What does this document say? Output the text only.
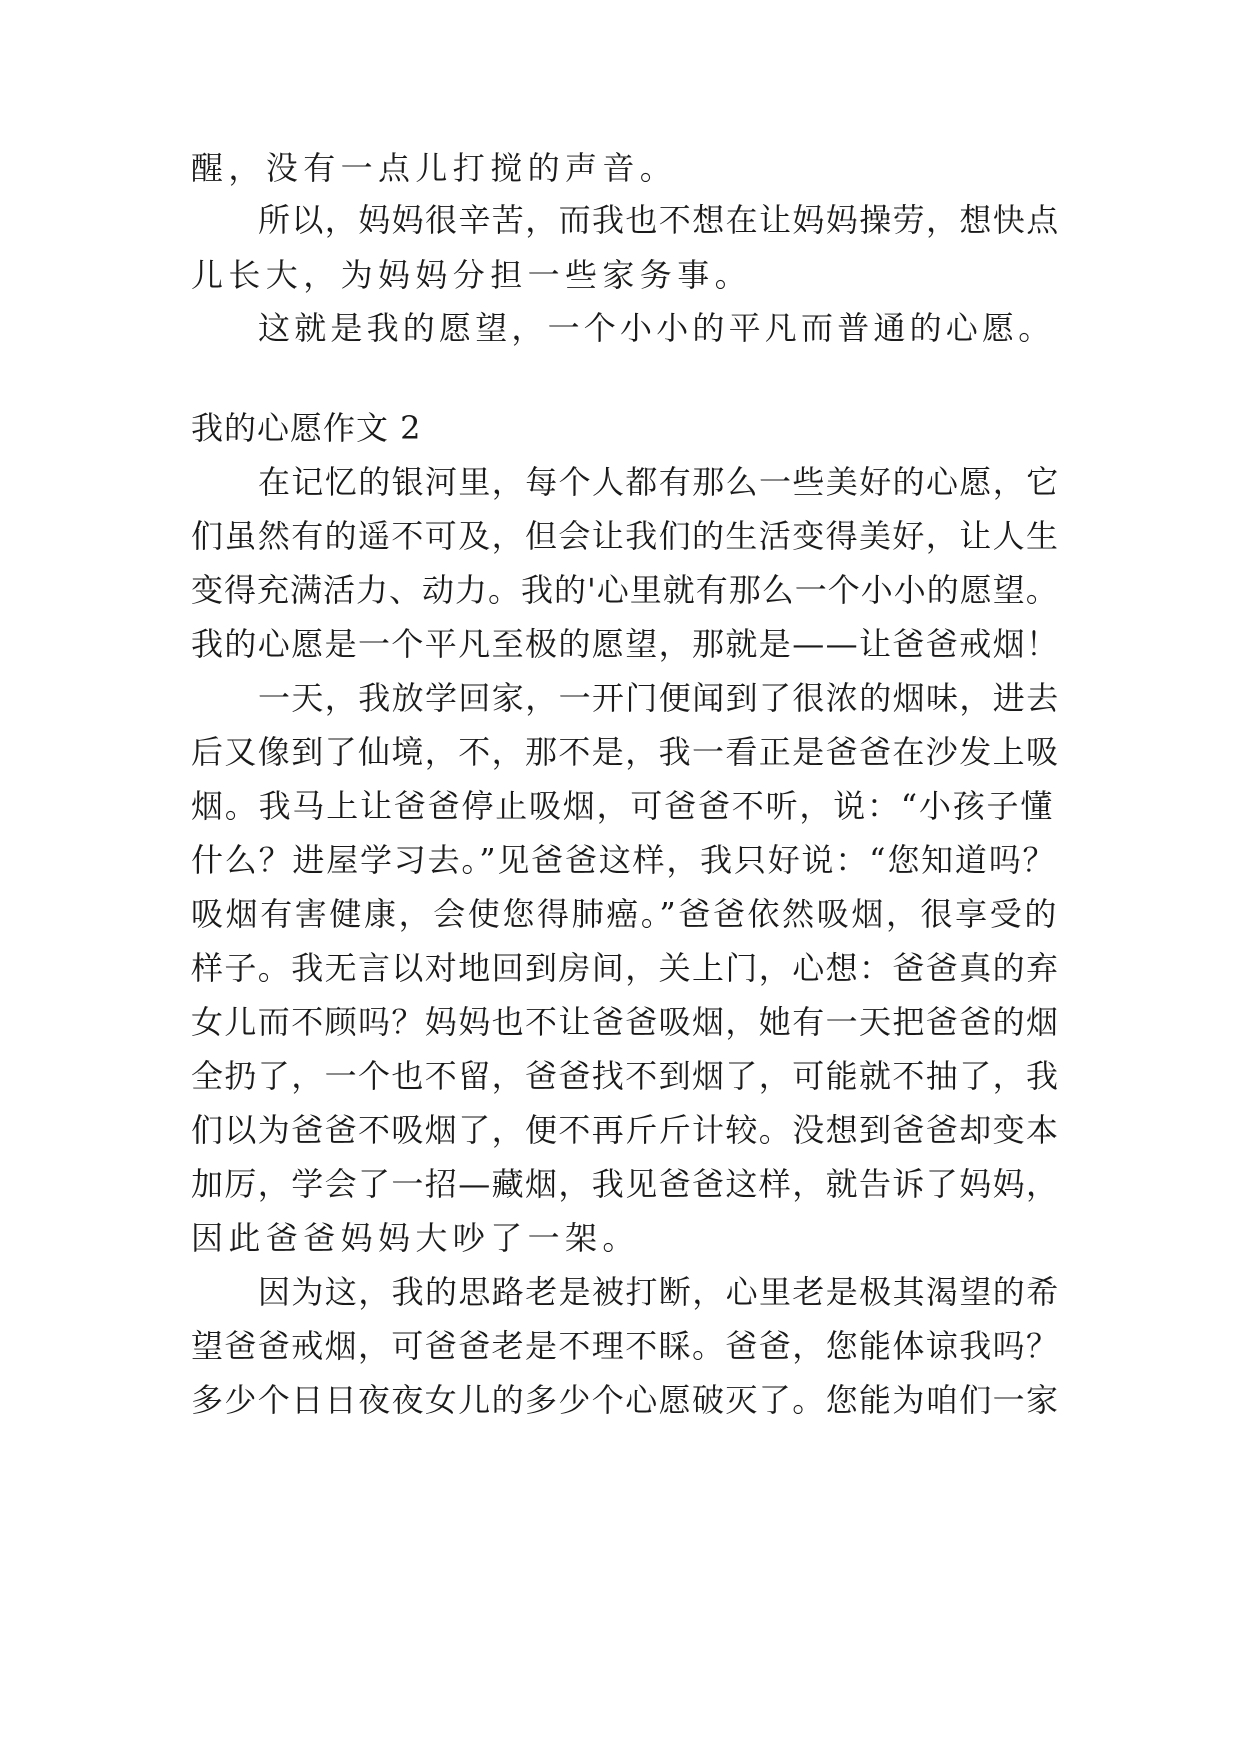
醒，没有一点儿打搅的声音。
所以，妈妈很辛苦，而我也不想在让妈妈操劳，想快点
儿长大，为妈妈分担一些家务事。
这就是我的愿望，一个小小的平凡而普通的心愿。
我的心愿作文 2
在记忆的银河里，每个人都有那么一些美好的心愿，它
们虽然有的遥不可及，但会让我们的生活变得美好，让人生
变得充满活力、动力。我的'心里就有那么一个小小的愿望。
我的心愿是一个平凡至极的愿望，那就是——让爸爸戒烟！
一天，我放学回家，一开门便闻到了很浓的烟味，进去
后又像到了仙境，不，那不是，我一看正是爸爸在沙发上吸
烟。我马上让爸爸停止吸烟，可爸爸不听，说：“小孩子懂
什么？进屋学习去。”见爸爸这样，我只好说：“您知道吗？
吸烟有害健康，会使您得肺癌。”爸爸依然吸烟，很享受的
样子。我无言以对地回到房间，关上门，心想：爸爸真的弃
女儿而不顾吗？妈妈也不让爸爸吸烟，她有一天把爸爸的烟
全扔了，一个也不留，爸爸找不到烟了，可能就不抽了，我
们以为爸爸不吸烟了，便不再斤斤计较。没想到爸爸却变本
加厉，学会了一招—藏烟，我见爸爸这样，就告诉了妈妈，
因此爸爸妈妈大吵了一架。
因为这，我的思路老是被打断，心里老是极其渴望的希
望爸爸戒烟，可爸爸老是不理不睬。爸爸，您能体谅我吗？
多少个日日夜夜女儿的多少个心愿破灭了。您能为咱们一家
